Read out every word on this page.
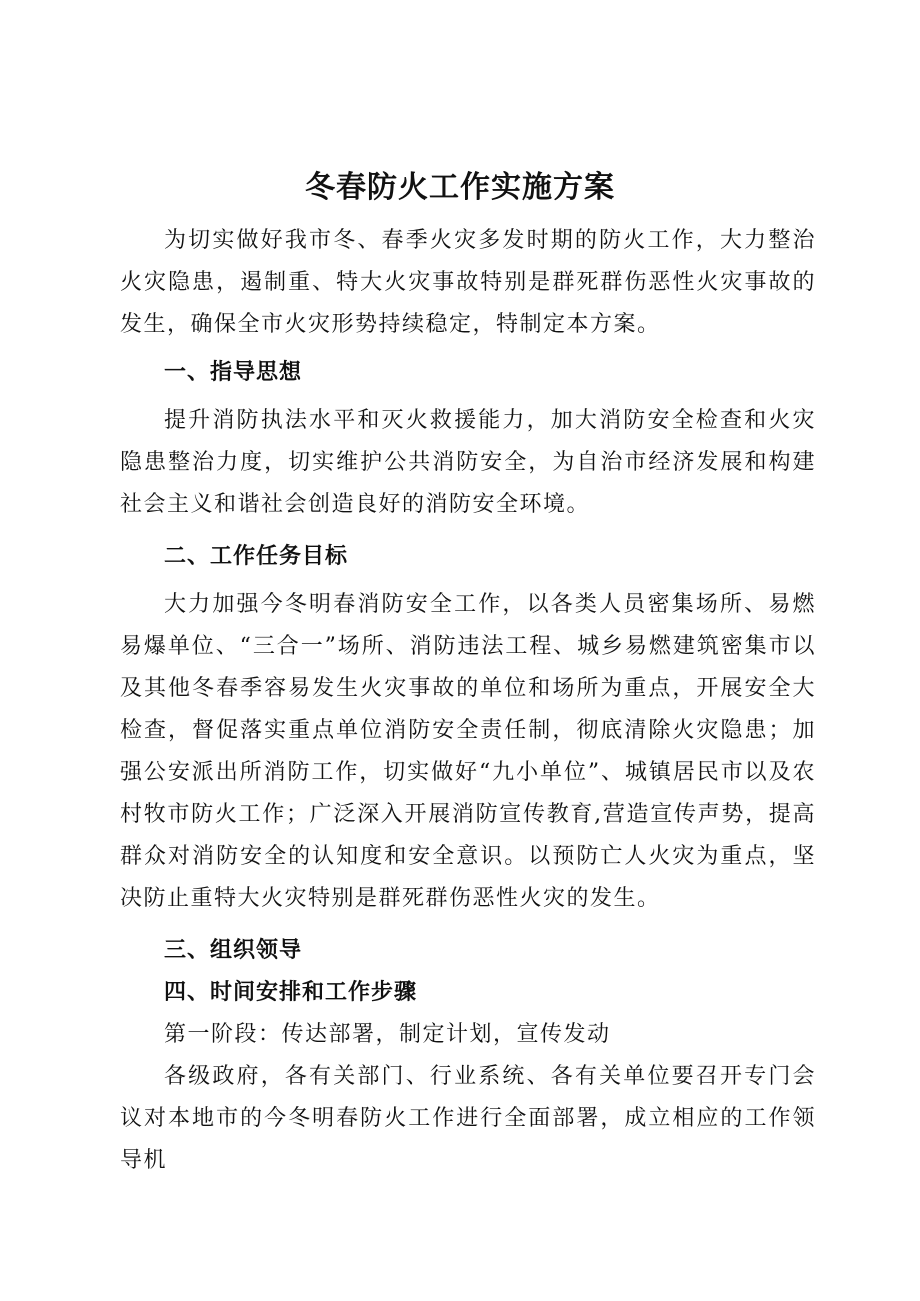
冬春防火工作实施方案

为切实做好我市冬、春季火灾多发时期的防火工作，大力整治火灾隐患，遏制重、特大火灾事故特别是群死群伤恶性火灾事故的发生，确保全市火灾形势持续稳定，特制定本方案。

一、指导思想

提升消防执法水平和灭火救援能力，加大消防安全检查和火灾隐患整治力度，切实维护公共消防安全，为自治市经济发展和构建社会主义和谐社会创造良好的消防安全环境。

二、工作任务目标

大力加强今冬明春消防安全工作，以各类人员密集场所、易燃易爆单位、“三合一”场所、消防违法工程、城乡易燃建筑密集市以及其他冬春季容易发生火灾事故的单位和场所为重点，开展安全大检查，督促落实重点单位消防安全责任制，彻底清除火灾隐患；加强公安派出所消防工作，切实做好“九小单位”、城镇居民市以及农村牧市防火工作；广泛深入开展消防宣传教育,营造宣传声势，提高群众对消防安全的认知度和安全意识。以预防亡人火灾为重点，坚决防止重特大火灾特别是群死群伤恶性火灾的发生。

三、组织领导

四、时间安排和工作步骤

第一阶段：传达部署，制定计划，宣传发动

各级政府，各有关部门、行业系统、各有关单位要召开专门会议对本地市的今冬明春防火工作进行全面部署，成立相应的工作领导机
